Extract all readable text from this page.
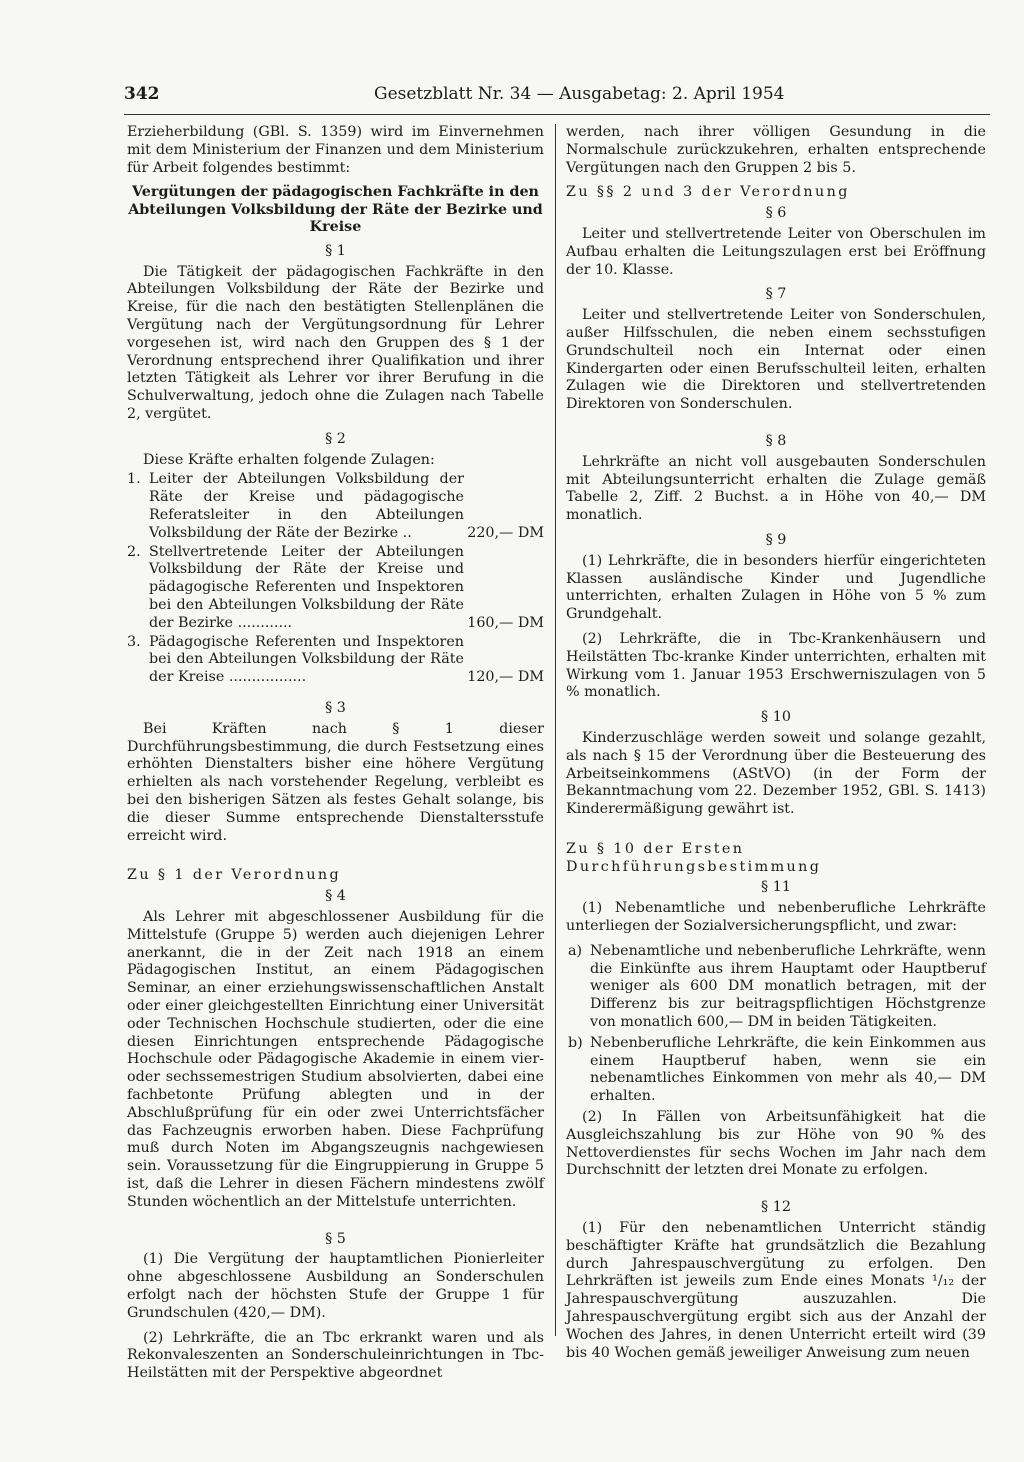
342	Gesetzblatt Nr. 34 — Ausgabetag: 2. April 1954

Erzieherbildung (GBl. S. 1359) wird im Einvernehmen mit dem Ministerium der Finanzen und dem Ministerium für Arbeit folgendes bestimmt:

Vergütungen der pädagogischen Fachkräfte in den Abteilungen Volksbildung der Räte der Bezirke und Kreise
§ 1

Die Tätigkeit der pädagogischen Fachkräfte in den Abteilungen Volksbildung der Räte der Bezirke und Kreise, für die nach den bestätigten Stellenplänen die Vergütung nach der Vergütungsordnung für Lehrer vorgesehen ist, wird nach den Gruppen des § 1 der Verordnung entsprechend ihrer Qualifikation und ihrer letzten Tätigkeit als Lehrer vor ihrer Berufung in die Schulverwaltung, jedoch ohne die Zulagen nach Tabelle 2, vergütet.

§ 2

Diese Kräfte erhalten folgende Zulagen:

1. Leiter der Abteilungen Volksbildung der Räte der Kreise und pädagogische Referatsleiter in den Abteilungen Volksbildung der Räte der Bezirke ..	220,— DM
2. Stellvertretende Leiter der Abteilungen Volksbildung der Räte der Kreise und pädagogische Referenten und Inspektoren bei den Abteilungen Volksbildung der Räte der Bezirke ............	160,— DM
3. Pädagogische Referenten und Inspektoren bei den Abteilungen Volksbildung der Räte der Kreise .................	120,— DM
§ 3

Bei Kräften nach § 1 dieser Durchführungsbestimmung, die durch Festsetzung eines erhöhten Dienstalters bisher eine höhere Vergütung erhielten als nach vorstehender Regelung, verbleibt es bei den bisherigen Sätzen als festes Gehalt solange, bis die dieser Summe entsprechende Dienstaltersstufe erreicht wird.

Zu § 1 der Verordnung
§ 4

Als Lehrer mit abgeschlossener Ausbildung für die Mittelstufe (Gruppe 5) werden auch diejenigen Lehrer anerkannt, die in der Zeit nach 1918 an einem Pädagogischen Institut, an einem Pädagogischen Seminar, an einer erziehungswissenschaftlichen Anstalt oder einer gleichgestellten Einrichtung einer Universität oder Technischen Hochschule studierten, oder die eine diesen Einrichtungen entsprechende Pädagogische Hochschule oder Pädagogische Akademie in einem vier- oder sechssemestrigen Studium absolvierten, dabei eine fachbetonte Prüfung ablegten und in der Abschlußprüfung für ein oder zwei Unterrichtsfächer das Fachzeugnis erworben haben. Diese Fachprüfung muß durch Noten im Abgangszeugnis nachgewiesen sein. Voraussetzung für die Eingruppierung in Gruppe 5 ist, daß die Lehrer in diesen Fächern mindestens zwölf Stunden wöchentlich an der Mittelstufe unterrichten.

§ 5

(1) Die Vergütung der hauptamtlichen Pionierleiter ohne abgeschlossene Ausbildung an Sonderschulen erfolgt nach der höchsten Stufe der Gruppe 1 für Grundschulen (420,— DM).

(2) Lehrkräfte, die an Tbc erkrankt waren und als Rekonvaleszenten an Sonderschuleinrichtungen in Tbc-Heilstätten mit der Perspektive abgeordnet

werden, nach ihrer völligen Gesundung in die Normalschule zurückzukehren, erhalten entsprechende Vergütungen nach den Gruppen 2 bis 5.

Zu §§ 2 und 3 der Verordnung
§ 6

Leiter und stellvertretende Leiter von Oberschulen im Aufbau erhalten die Leitungszulagen erst bei Eröffnung der 10. Klasse.

§ 7

Leiter und stellvertretende Leiter von Sonderschulen, außer Hilfsschulen, die neben einem sechsstufigen Grundschulteil noch ein Internat oder einen Kindergarten oder einen Berufsschulteil leiten, erhalten Zulagen wie die Direktoren und stellvertretenden Direktoren von Sonderschulen.

§ 8

Lehrkräfte an nicht voll ausgebauten Sonderschulen mit Abteilungsunterricht erhalten die Zulage gemäß Tabelle 2, Ziff. 2 Buchst. a in Höhe von 40,— DM monatlich.

§ 9

(1) Lehrkräfte, die in besonders hierfür eingerichteten Klassen ausländische Kinder und Jugendliche unterrichten, erhalten Zulagen in Höhe von 5 % zum Grundgehalt.

(2) Lehrkräfte, die in Tbc-Krankenhäusern und Heilstätten Tbc-kranke Kinder unterrichten, erhalten mit Wirkung vom 1. Januar 1953 Erschwerniszulagen von 5 % monatlich.

§ 10

Kinderzuschläge werden soweit und solange gezahlt, als nach § 15 der Verordnung über die Besteuerung des Arbeitseinkommens (AStVO) (in der Form der Bekanntmachung vom 22. Dezember 1952, GBl. S. 1413) Kinderermäßigung gewährt ist.

Zu § 10 der Ersten Durchführungsbestimmung
§ 11

(1) Nebenamtliche und nebenberufliche Lehrkräfte unterliegen der Sozialversicherungspflicht, und zwar:

a) Nebenamtliche und nebenberufliche Lehrkräfte, wenn die Einkünfte aus ihrem Hauptamt oder Hauptberuf weniger als 600 DM monatlich betragen, mit der Differenz bis zur beitragspflichtigen Höchstgrenze von monatlich 600,— DM in beiden Tätigkeiten.
b) Nebenberufliche Lehrkräfte, die kein Einkommen aus einem Hauptberuf haben, wenn sie ein nebenamtliches Einkommen von mehr als 40,— DM erhalten.

(2) In Fällen von Arbeitsunfähigkeit hat die Ausgleichszahlung bis zur Höhe von 90 % des Nettoverdienstes für sechs Wochen im Jahr nach dem Durchschnitt der letzten drei Monate zu erfolgen.

§ 12

(1) Für den nebenamtlichen Unterricht ständig beschäftigter Kräfte hat grundsätzlich die Bezahlung durch Jahrespauschvergütung zu erfolgen. Den Lehrkräften ist jeweils zum Ende eines Monats ¹/₁₂ der Jahrespauschvergütung auszuzahlen. Die Jahrespauschvergütung ergibt sich aus der Anzahl der Wochen des Jahres, in denen Unterricht erteilt wird (39 bis 40 Wochen gemäß jeweiliger Anweisung zum neuen
